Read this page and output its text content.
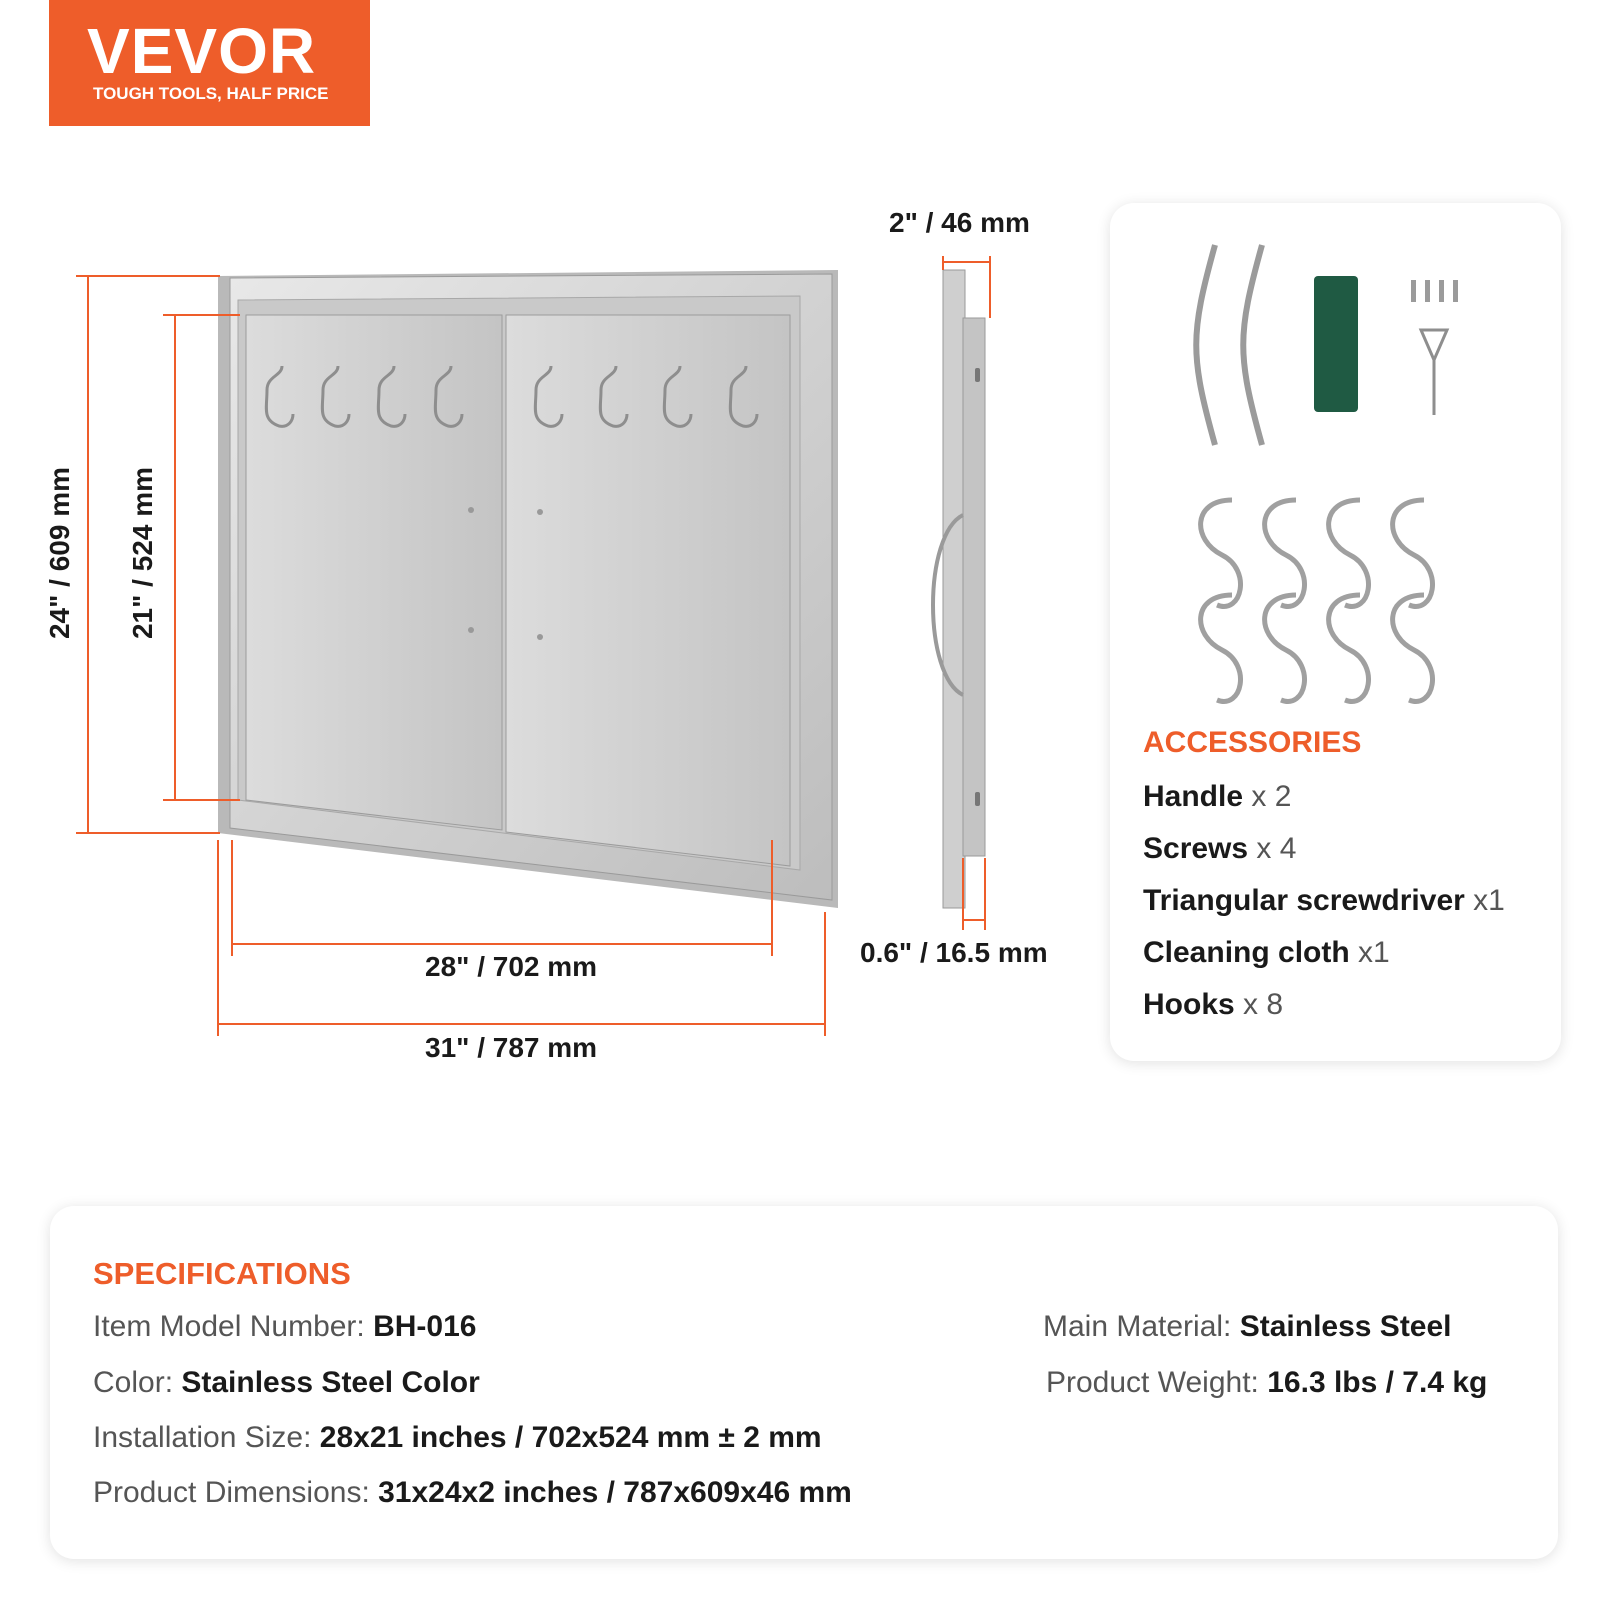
VEVOR
TOUGH TOOLS, HALF PRICE
24" / 609 mm 21" / 524 mm
28" / 702 mm
31" / 787 mm
2" / 46 mm
0.6" / 16.5 mm
ACCESSORIES
Handle x 2
Screws x 4
Triangular screwdriver x1
Cleaning cloth x1
Hooks x 8
SPECIFICATIONS
Item Model Number: BH-016
Color: Stainless Steel Color
Installation Size: 28x21 inches / 702x524 mm ± 2 mm
Product Dimensions: 31x24x2 inches / 787x609x46 mm
Main Material: Stainless Steel
Product Weight: 16.3 lbs / 7.4 kg
